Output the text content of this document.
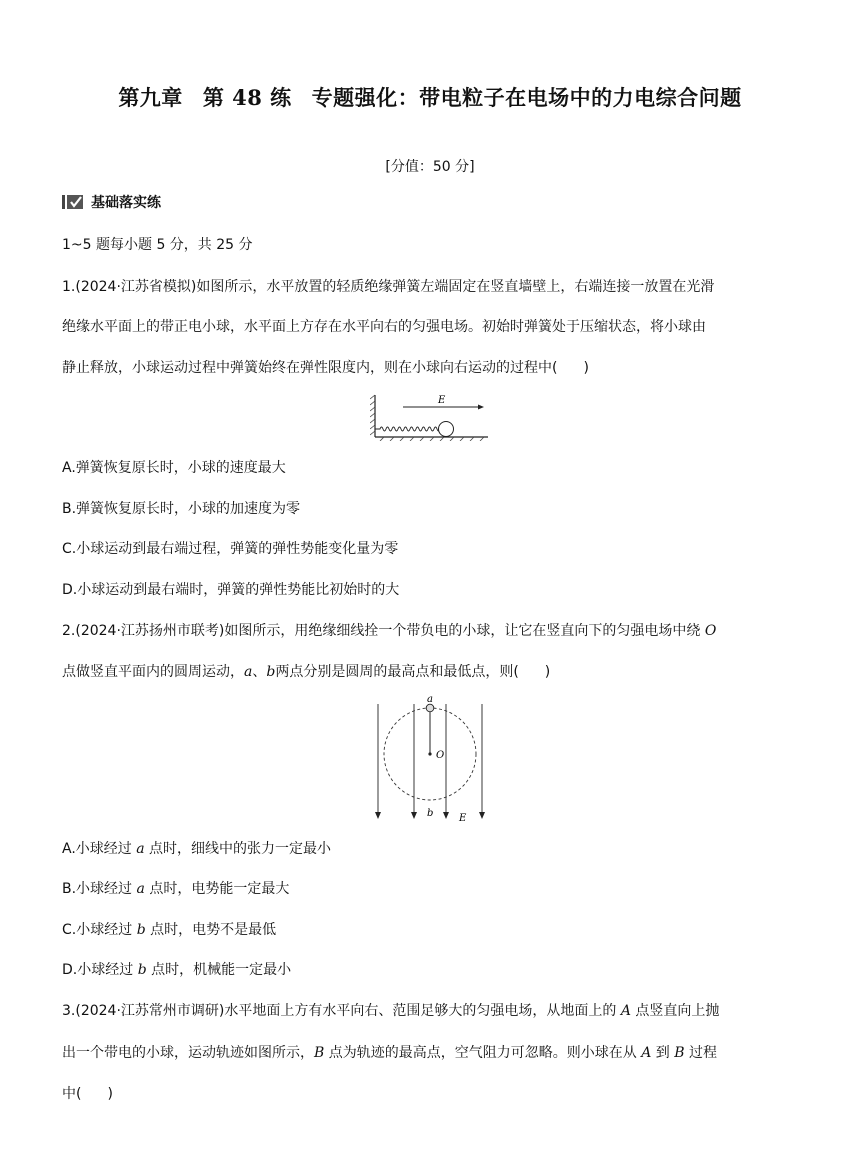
第九章 第 48 练 专题强化：带电粒子在电场中的力电综合问题
[分值：50 分]
基础落实练
1~5 题每小题 5 分，共 25 分
1.(2024·江苏省模拟)如图所示，水平放置的轻质绝缘弹簧左端固定在竖直墙壁上，右端连接一放置在光滑
绝缘水平面上的带正电小球，水平面上方存在水平向右的匀强电场。初始时弹簧处于压缩状态，将小球由
静止释放，小球运动过程中弹簧始终在弹性限度内，则在小球向右运动的过程中( )
E
A.弹簧恢复原长时，小球的速度最大
B.弹簧恢复原长时，小球的加速度为零
C.小球运动到最右端过程，弹簧的弹性势能变化量为零
D.小球运动到最右端时，弹簧的弹性势能比初始时的大
2.(2024·江苏扬州市联考)如图所示，用绝缘细线拴一个带负电的小球，让它在竖直向下的匀强电场中绕 O
点做竖直平面内的圆周运动，a、b两点分别是圆周的最高点和最低点，则( )
a
O
b	E
A.小球经过 a 点时，细线中的张力一定最小
B.小球经过 a 点时，电势能一定最大
C.小球经过 b 点时，电势不是最低
D.小球经过 b 点时，机械能一定最小
3.(2024·江苏常州市调研)水平地面上方有水平向右、范围足够大的匀强电场，从地面上的 A 点竖直向上抛
出一个带电的小球，运动轨迹如图所示，B 点为轨迹的最高点，空气阻力可忽略。则小球在从 A 到 B 过程
中( )
